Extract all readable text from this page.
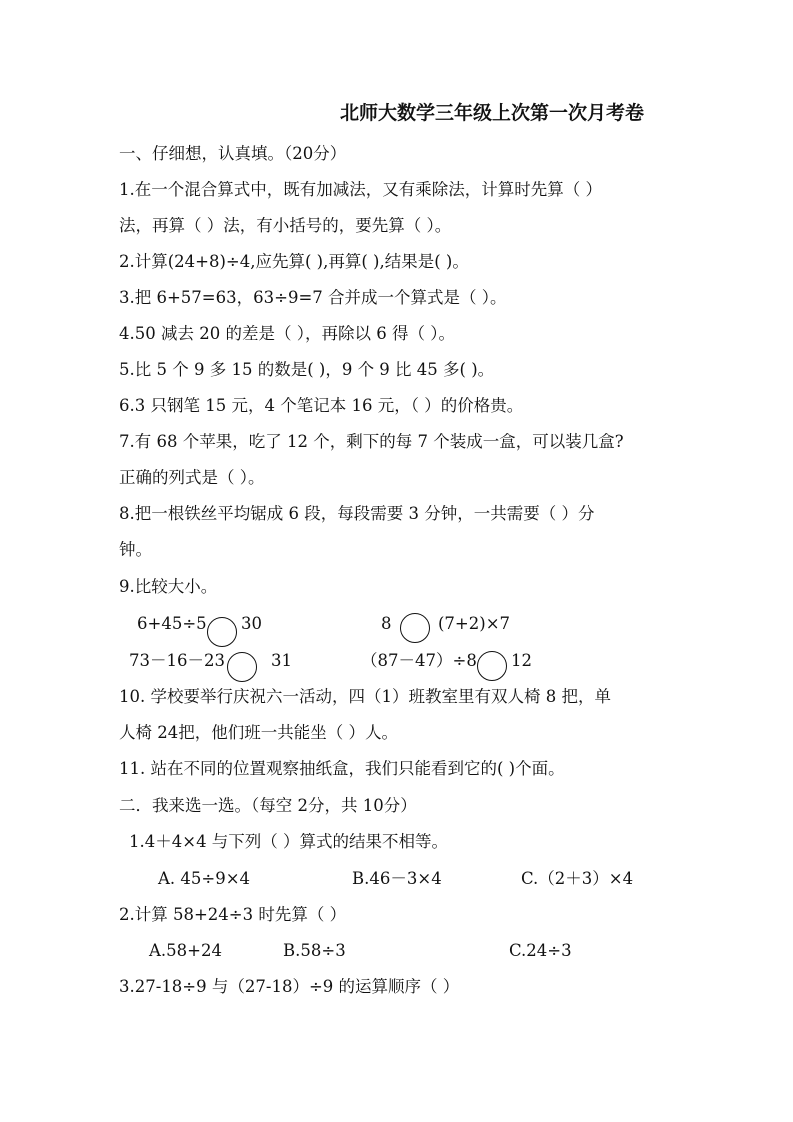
北师大数学三年级上次第一次月考卷
一、仔细想，认真填。（20分）
1.在一个混合算式中，既有加减法，又有乘除法，计算时先算（ ）
法，再算（ ）法，有小括号的，要先算（ ）。
2.计算(24+8)÷4,应先算( ),再算( ),结果是( )。
3.把 6+57=63，63÷9=7 合并成一个算式是（ ）。
4.50 减去 20 的差是（ ），再除以 6 得（ ）。
5.比 5 个 9 多 15 的数是( )，9 个 9 比 45 多( )。
6.3 只钢笔 15 元，4 个笔记本 16 元，（ ）的价格贵。
7.有 68 个苹果，吃了 12 个，剩下的每 7 个装成一盒，可以装几盒?
正确的列式是（ ）。
8.把一根铁丝平均锯成 6 段，每段需要 3 分钟，一共需要（ ）分
钟。
9.比较大小。
6+45÷5 30	8	(7+2)×7
73－16－23	31	（87－47）÷8 12
10. 学校要举行庆祝六一活动，四（1）班教室里有双人椅 8 把，单
人椅 24把，他们班一共能坐（ ）人。
11. 站在不同的位置观察抽纸盒，我们只能看到它的( )个面。
二．我来选一选。（每空 2分，共 10分）
1.4＋4×4 与下列（ ）算式的结果不相等。
A. 45÷9×4	B.46－3×4	C.（2＋3）×4
2.计算 58+24÷3 时先算（ ）
A.58+24	B.58÷3	C.24÷3
3.27-18÷9 与（27-18）÷9 的运算顺序（ ）
